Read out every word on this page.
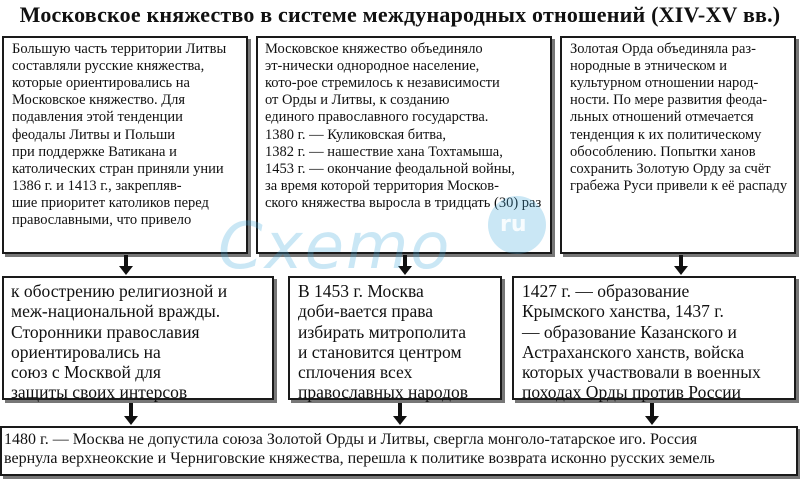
Московское княжество в системе международных отношений (XIV-XV вв.)
Большую часть территории Литвы
составляли русские княжества,
которые ориентировались на
Московское княжество. Для
подавления этой тенденции
феодалы Литвы и Польши
при поддержке Ватикана и
католических стран приняли унии
1386 г. и 1413 г., закрепляв-
шие приоритет католиков перед
православными, что привело
Московское княжество объединяло
эт-нически однородное население,
кото-рое стремилось к независимости
от Орды и Литвы, к созданию
единого православного государства.
1380 г. — Куликовская битва,
1382 г. — нашествие хана Тохтамыша,
1453 г. — окончание феодальной войны,
за время которой территория Москов-
ского княжества выросла в тридцать (30) раз
Золотая Орда объединяла раз-
нородные в этническом и
культурном отношении народ-
ности. По мере развития феода-
льных отношений отмечается
тенденция к их политическому
обособлению. Попытки ханов
сохранить Золотую Орду за счёт
грабежа Руси привели к её распаду
к обострению религиозной и
меж-национальной вражды.
Сторонники православия
ориентировались на
союз с Москвой для
защиты своих интерсов
В 1453 г. Москва
доби-вается права
избирать митрополита
и становится центром
сплочения всех
православных народов
1427 г. — образование
Крымского ханства, 1437 г.
— образование Казанского и
Астраханского ханств, войска
которых участвовали в военных
походах Орды против России
1480 г. — Москва не допустила союза Золотой Орды и Литвы, свергла монголо-татарское иго. Россия
вернула верхнеокские и Черниговские княжества, перешла к политике возврата исконно русских земель
Cxemo ru
